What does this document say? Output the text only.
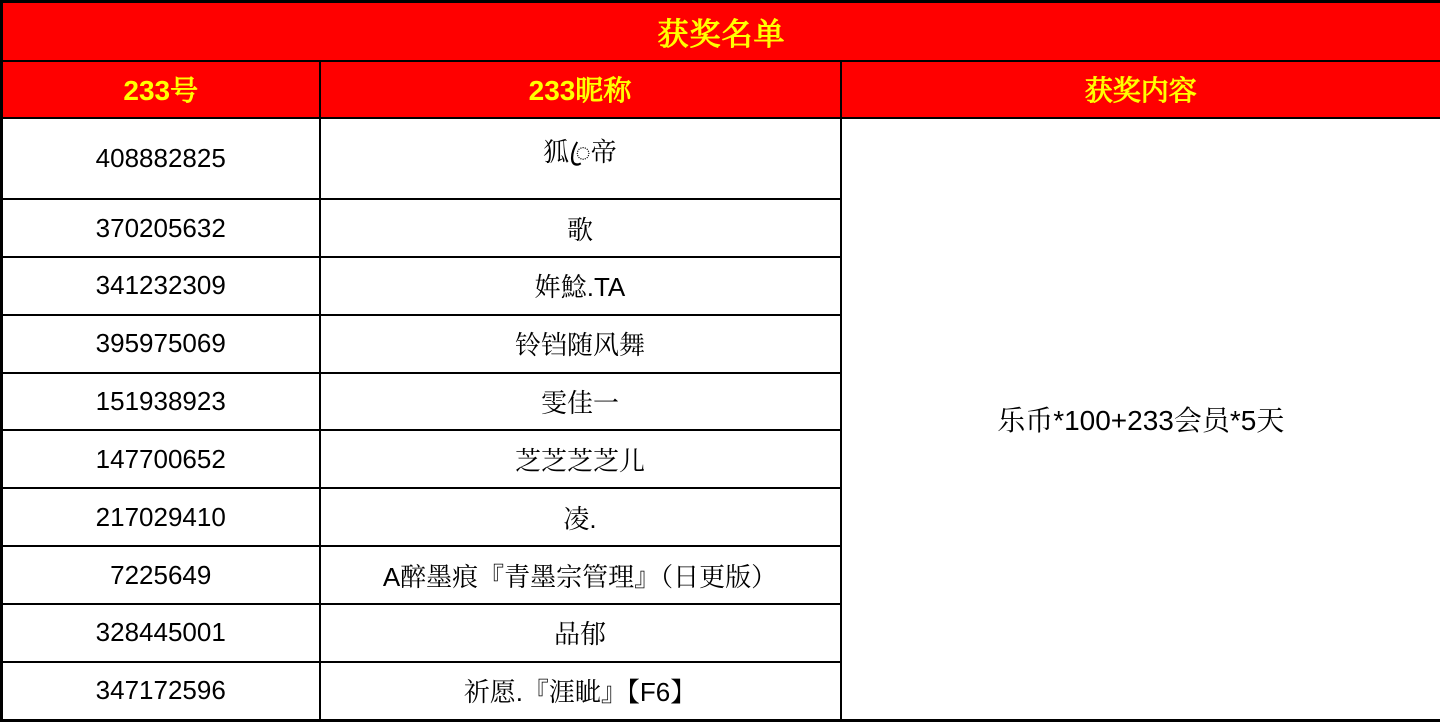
获奖名单		
233号	233昵称	获奖内容
408882825	狐ꦿ帝	乐币*100+233会员*5天
370205632	歌	
341232309	姩鯰.TA	
395975069	铃铛随风舞	
151938923	雯佳一	
147700652	芝芝芝芝儿	
217029410	凌.	
7225649	A醉墨痕『青墨宗管理』（日更版）	
328445001	品郁	
347172596	祈愿.『涯眦』【F6】	
